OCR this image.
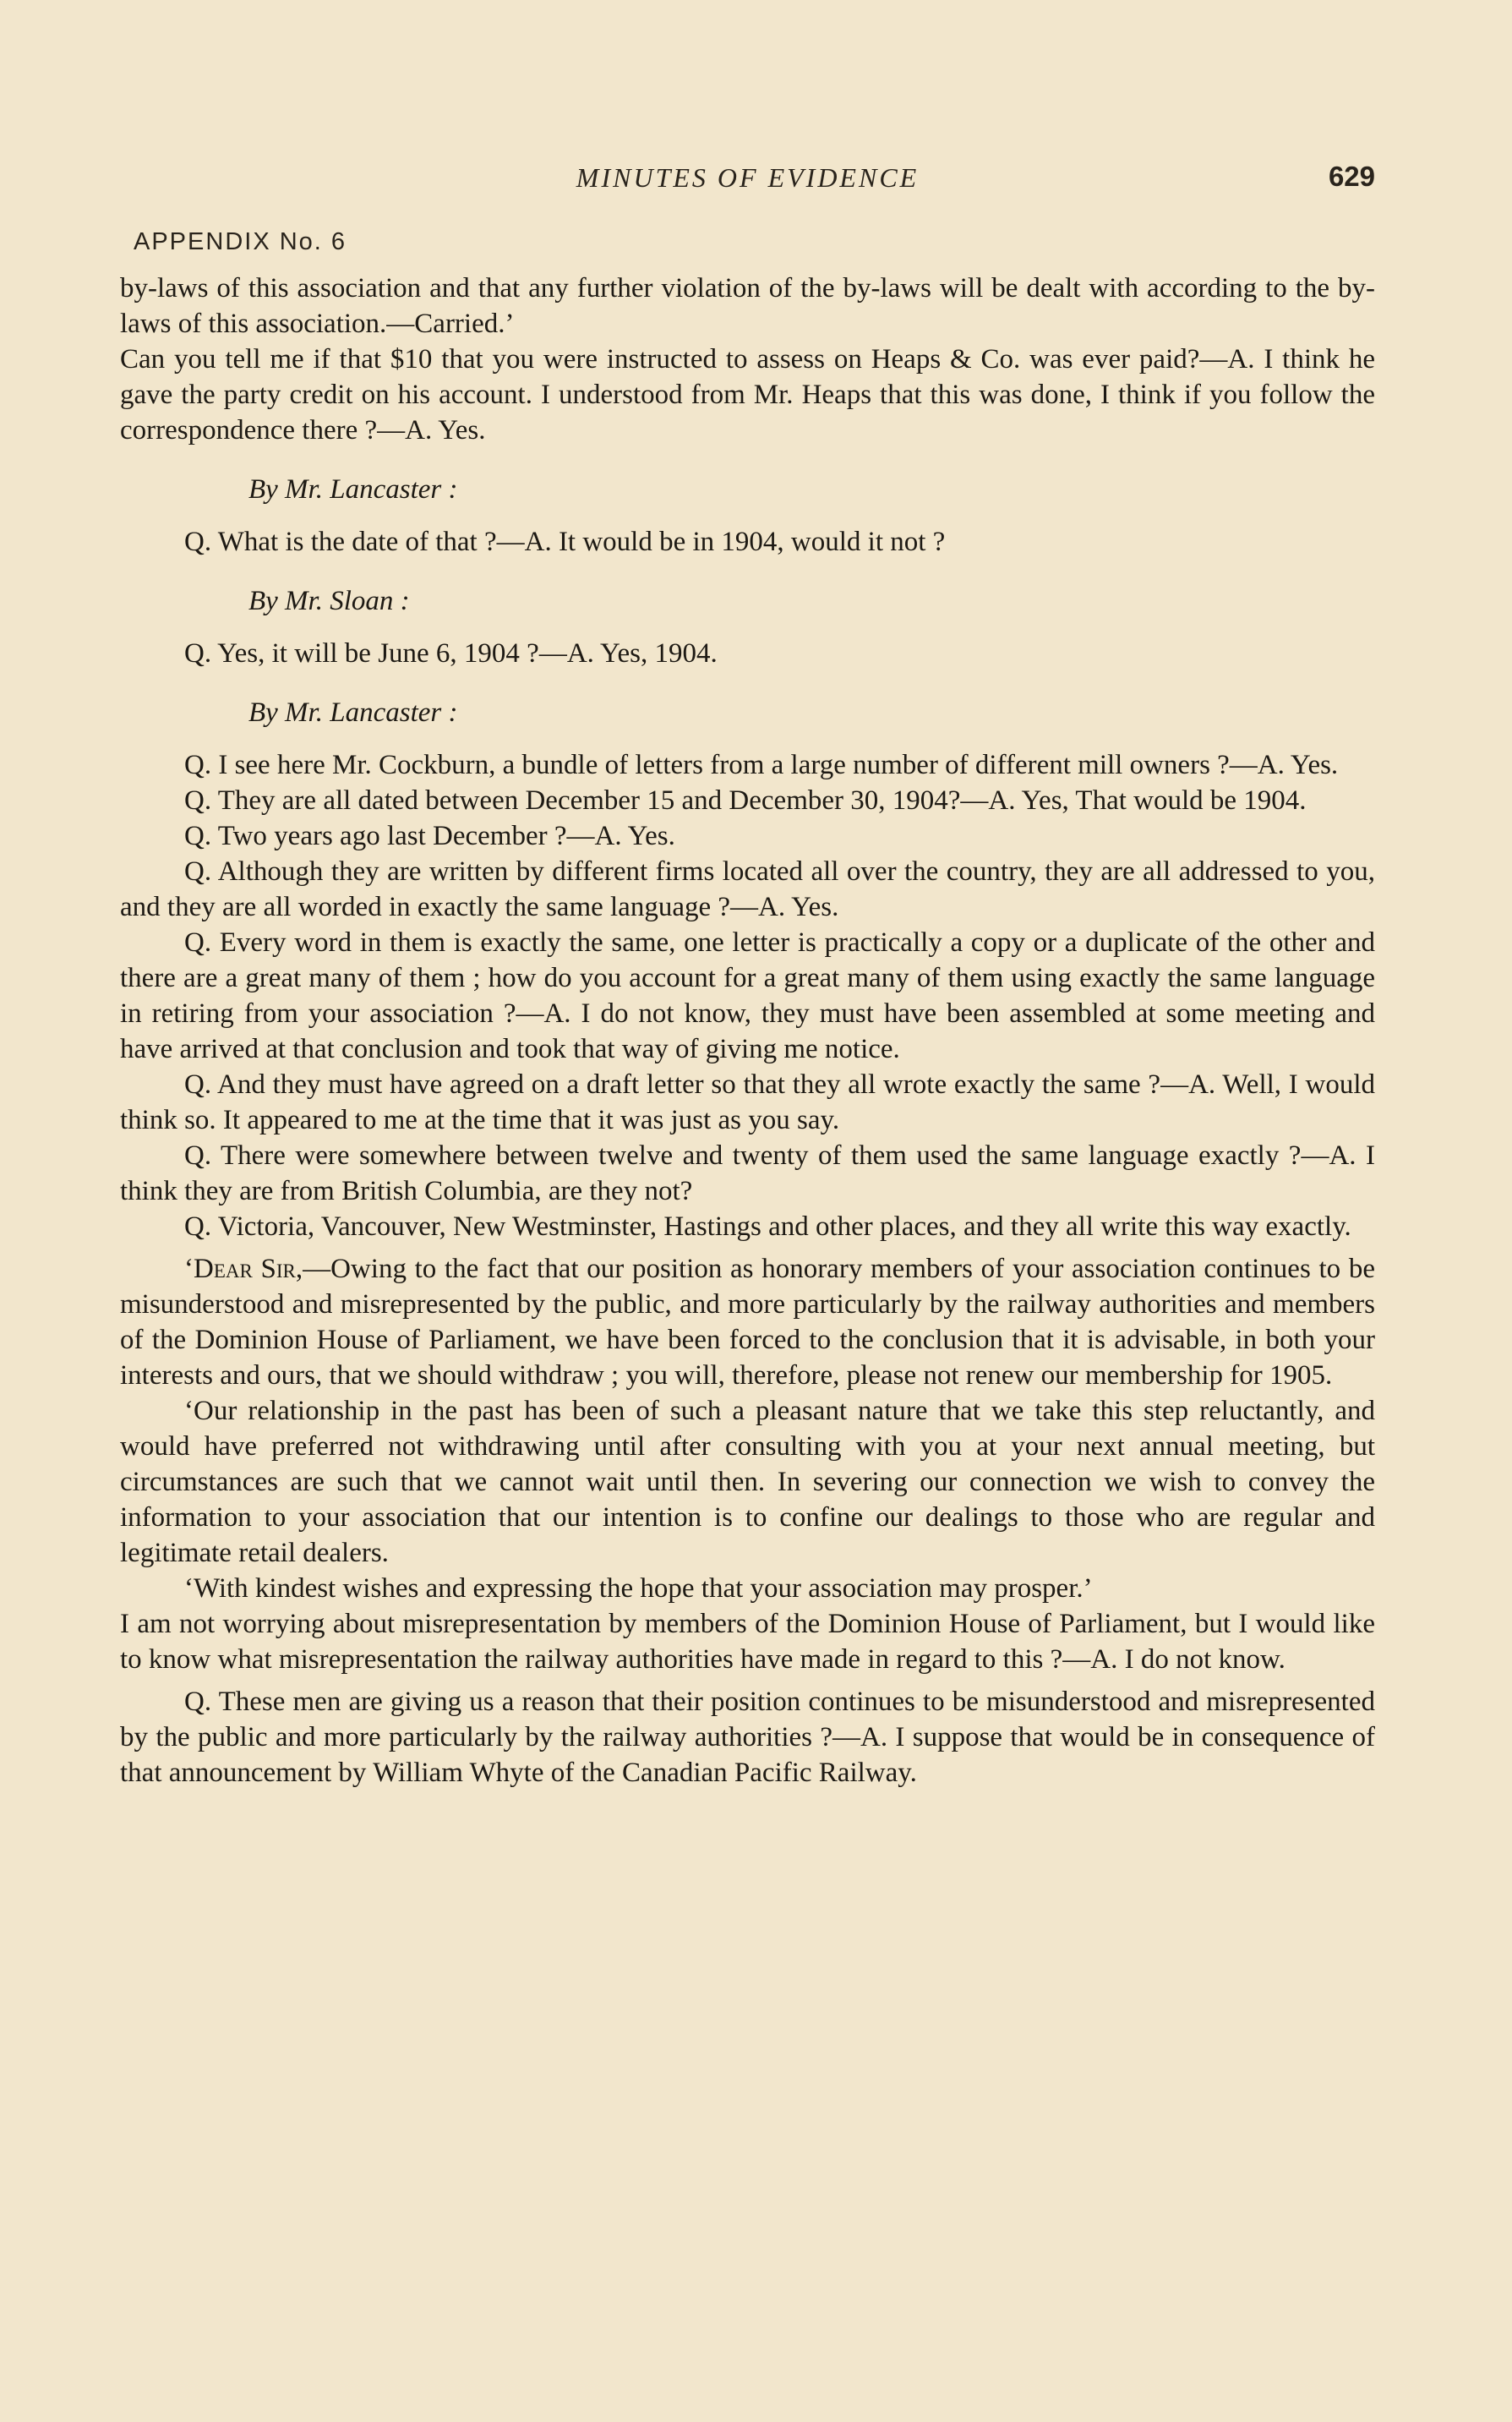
MINUTES OF EVIDENCE	629
APPENDIX No. 6

by-laws of this association and that any further violation of the by-laws will be dealt with according to the by-laws of this association.—Carried.’

Can you tell me if that $10 that you were instructed to assess on Heaps & Co. was ever paid?—A. I think he gave the party credit on his account. I understood from Mr. Heaps that this was done, I think if you follow the correspondence there ?—A. Yes.

By Mr. Lancaster :

Q. What is the date of that ?—A. It would be in 1904, would it not ?

By Mr. Sloan :

Q. Yes, it will be June 6, 1904 ?—A. Yes, 1904.

By Mr. Lancaster :

Q. I see here Mr. Cockburn, a bundle of letters from a large number of different mill owners ?—A. Yes.

Q. They are all dated between December 15 and December 30, 1904?—A. Yes, That would be 1904.

Q. Two years ago last December ?—A. Yes.

Q. Although they are written by different firms located all over the country, they are all addressed to you, and they are all worded in exactly the same language ?—A. Yes.

Q. Every word in them is exactly the same, one letter is practically a copy or a duplicate of the other and there are a great many of them ; how do you account for a great many of them using exactly the same language in retiring from your association ?—A. I do not know, they must have been assembled at some meeting and have arrived at that conclusion and took that way of giving me notice.

Q. And they must have agreed on a draft letter so that they all wrote exactly the same ?—A. Well, I would think so. It appeared to me at the time that it was just as you say.

Q. There were somewhere between twelve and twenty of them used the same language exactly ?—A. I think they are from British Columbia, are they not?

Q. Victoria, Vancouver, New Westminster, Hastings and other places, and they all write this way exactly.

‘Dear Sir,—Owing to the fact that our position as honorary members of your association continues to be misunderstood and misrepresented by the public, and more particularly by the railway authorities and members of the Dominion House of Parliament, we have been forced to the conclusion that it is advisable, in both your interests and ours, that we should withdraw ; you will, therefore, please not renew our membership for 1905.

‘Our relationship in the past has been of such a pleasant nature that we take this step reluctantly, and would have preferred not withdrawing until after consulting with you at your next annual meeting, but circumstances are such that we cannot wait until then. In severing our connection we wish to convey the information to your association that our intention is to confine our dealings to those who are regular and legitimate retail dealers.

‘With kindest wishes and expressing the hope that your association may prosper.’

I am not worrying about misrepresentation by members of the Dominion House of Parliament, but I would like to know what misrepresentation the railway authorities have made in regard to this ?—A. I do not know.

Q. These men are giving us a reason that their position continues to be misunderstood and misrepresented by the public and more particularly by the railway authorities ?—A. I suppose that would be in consequence of that announcement by William Whyte of the Canadian Pacific Railway.
